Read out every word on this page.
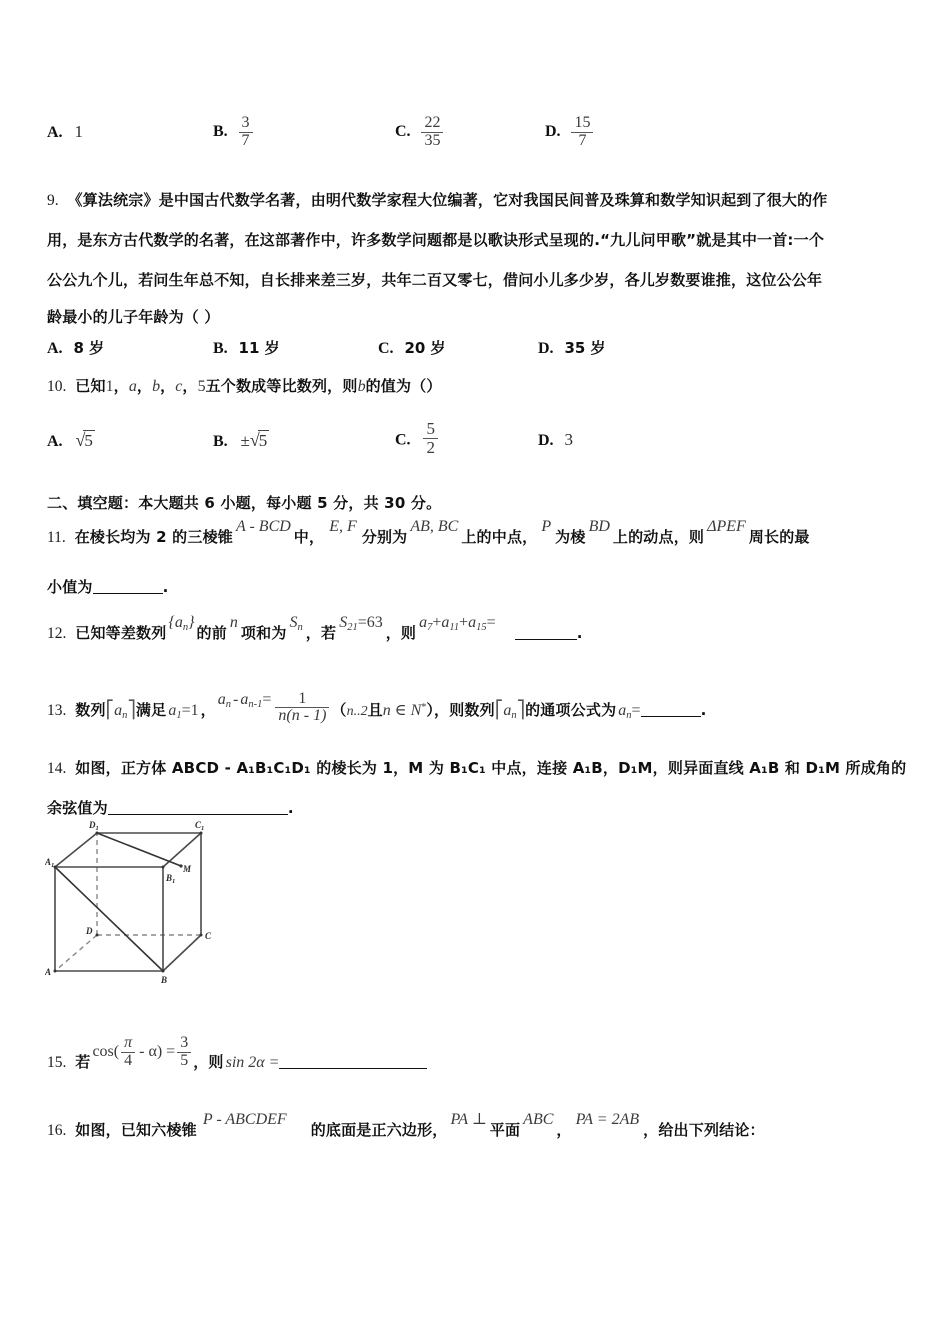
A. 1	B. $\frac{3}{7}$	C. $\frac{22}{35}$	D. $\frac{15}{7}$
9. 《算法统宗》是中国古代数学名著，由明代数学家程大位编著，它对我国民间普及珠算和数学知识起到了很大的作
用，是东方古代数学的名著，在这部著作中，许多数学问题都是以歌诀形式呈现的.“九儿问甲歌”就是其中一首:一个
公公九个儿，若问生年总不知，自长排来差三岁，共年二百又零七，借问小儿多少岁，各儿岁数要谁推，这位公公年
龄最小的儿子年龄为（ ）
A. 8 岁	B. 11 岁	C. 20 岁	D. 35 岁
10. 已知1，a，b，c，5五个数成等比数列，则b的值为（）
A. √5	B. ±√5	C. $\frac{5}{2}$	D. 3
二、填空题：本大题共 6 小题，每小题 5 分，共 30 分。
11. 在棱长均为 2 的三棱锥A - BCD中，E, F分别为AB, BC上的中点，P为棱BD上的动点，则ΔPEF周长的最
小值为	.
12. 已知等差数列$\{a_n\}$的前n项和为$S_n$ ，若$S_{21}=63$，则$a_7+a_{11}+a_{15}=$.
13. 数列$⎡a_n⎤$满足 $a_1=1$ ，$a_n - a_{n-1}= \frac{1}{n(n - 1)} (n..2$且n ∈ N*），则数列$⎡a_n⎤$的通项公式为 $a_n=$	.
14. 如图，正方体 ABCD - A₁B₁C₁D₁ 的棱长为 1，M 为 B₁C₁ 中点，连接 A₁B，D₁M，则异面直线 A₁B 和 D₁M 所成角的
余弦值为	.
$D_1$	$C_1$
$A_1$	M
$B_1$
D	C
A
B
15. 若$\cos( \frac{\pi}{4} - \alpha) = \frac{3}{5}$ ，则 sin 2α =
16. 如图，已知六棱锥P - ABCDEF的底面是正六边形，PA ⊥平面ABC，PA = 2AB，给出下列结论：
